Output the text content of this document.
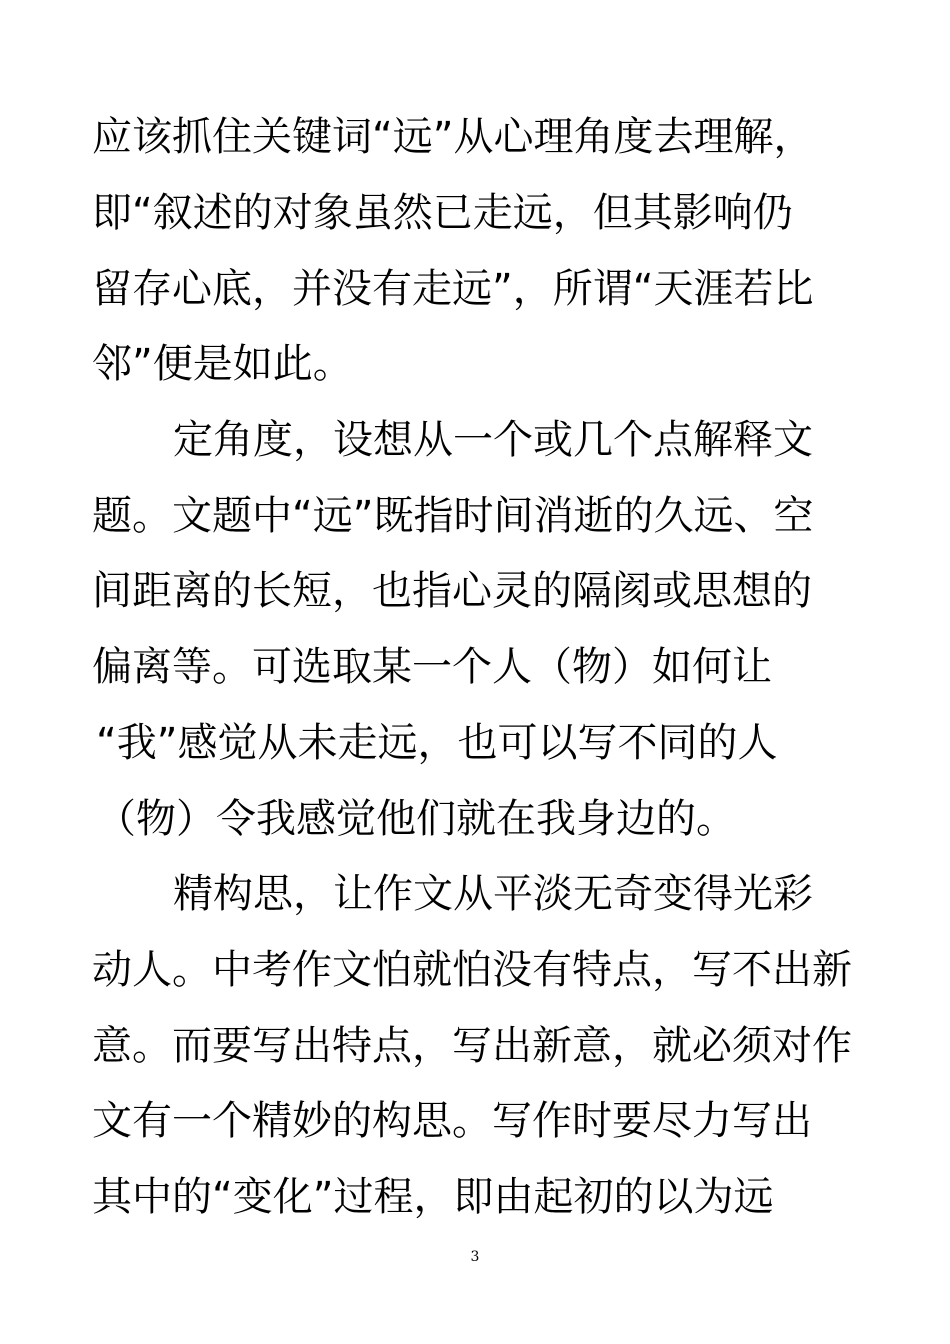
应该抓住关键词“远”从心理角度去理解，
即“叙述的对象虽然已走远，但其影响仍
留存心底，并没有走远”，所谓“天涯若比
邻”便是如此。
定角度，设想从一个或几个点解释文
题。文题中“远”既指时间消逝的久远、空
间距离的长短，也指心灵的隔阂或思想的
偏离等。可选取某一个人（物）如何让
“我”感觉从未走远，也可以写不同的人
（物）令我感觉他们就在我身边的。
精构思，让作文从平淡无奇变得光彩
动人。中考作文怕就怕没有特点，写不出新
意。而要写出特点，写出新意，就必须对作
文有一个精妙的构思。写作时要尽力写出
其中的“变化”过程，即由起初的以为远
3
